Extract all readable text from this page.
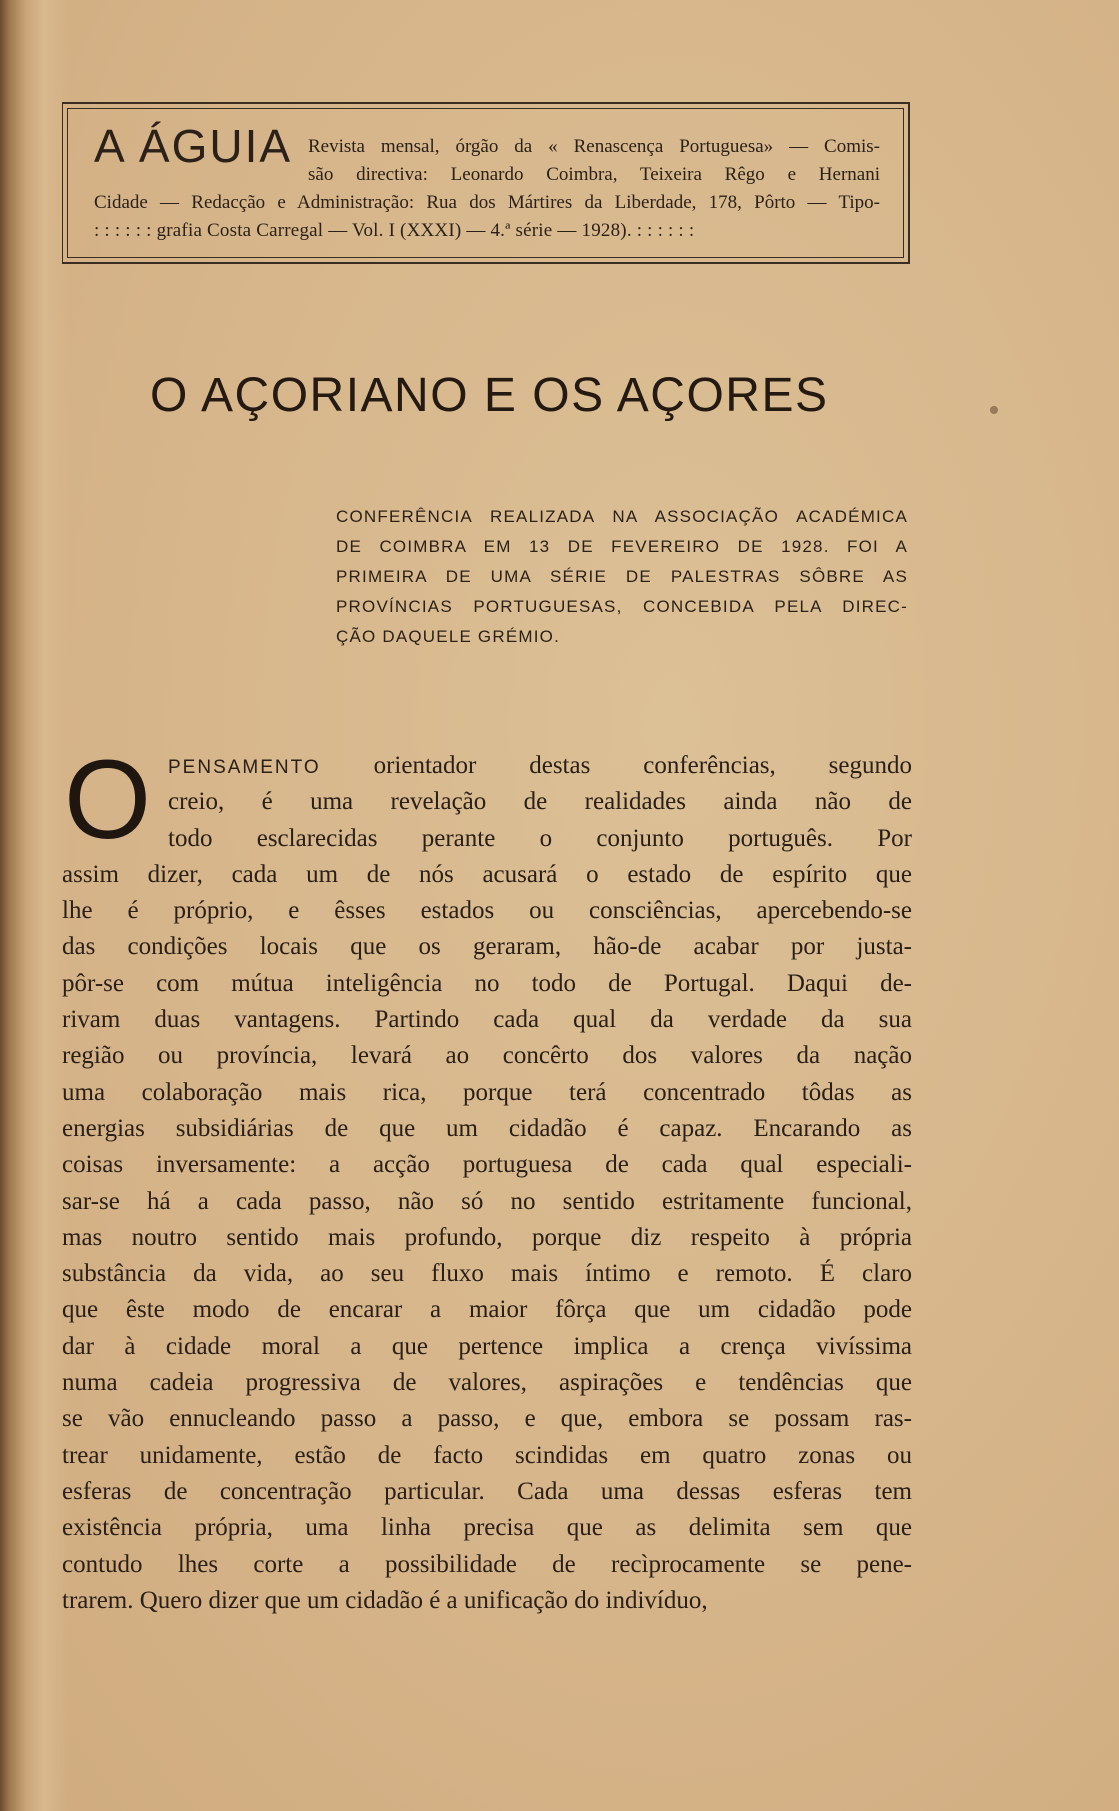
A ÁGUIA Revista mensal, órgão da « Renascença Portuguesa» — Comis-
são directiva: Leonardo Coimbra, Teixeira Rêgo e Hernani
Cidade — Redacção e Administração: Rua dos Mártires da Liberdade, 178, Pôrto — Tipo-
: : : : : : grafia Costa Carregal — Vol. I (XXXI) — 4.ª série — 1928). : : : : : :
O AÇORIANO E OS AÇORES
CONFERÊNCIA REALIZADA NA ASSOCIAÇÃO ACADÉMICA
DE COIMBRA EM 13 DE FEVEREIRO DE 1928. FOI A
PRIMEIRA DE UMA SÉRIE DE PALESTRAS SÔBRE AS
PROVÍNCIAS PORTUGUESAS, CONCEBIDA PELA DIREC-
ÇÃO DAQUELE GRÉMIO.
O PENSAMENTO orientador destas conferências, segundo
creio, é uma revelação de realidades ainda não de
todo esclarecidas perante o conjunto português. Por
assim dizer, cada um de nós acusará o estado de espírito que
lhe é próprio, e êsses estados ou consciências, apercebendo-se
das condições locais que os geraram, hão-de acabar por justa-
pôr-se com mútua inteligência no todo de Portugal. Daqui de-
rivam duas vantagens. Partindo cada qual da verdade da sua
região ou província, levará ao concêrto dos valores da nação
uma colaboração mais rica, porque terá concentrado tôdas as
energias subsidiárias de que um cidadão é capaz. Encarando as
coisas inversamente: a acção portuguesa de cada qual especiali-
sar-se há a cada passo, não só no sentido estritamente funcional,
mas noutro sentido mais profundo, porque diz respeito à própria
substância da vida, ao seu fluxo mais íntimo e remoto. É claro
que êste modo de encarar a maior fôrça que um cidadão pode
dar à cidade moral a que pertence implica a crença vivíssima
numa cadeia progressiva de valores, aspirações e tendências que
se vão ennucleando passo a passo, e que, embora se possam ras-
trear unidamente, estão de facto scindidas em quatro zonas ou
esferas de concentração particular. Cada uma dessas esferas tem
existência própria, uma linha precisa que as delimita sem que
contudo lhes corte a possibilidade de recìprocamente se pene-
trarem. Quero dizer que um cidadão é a unificação do indivíduo,
